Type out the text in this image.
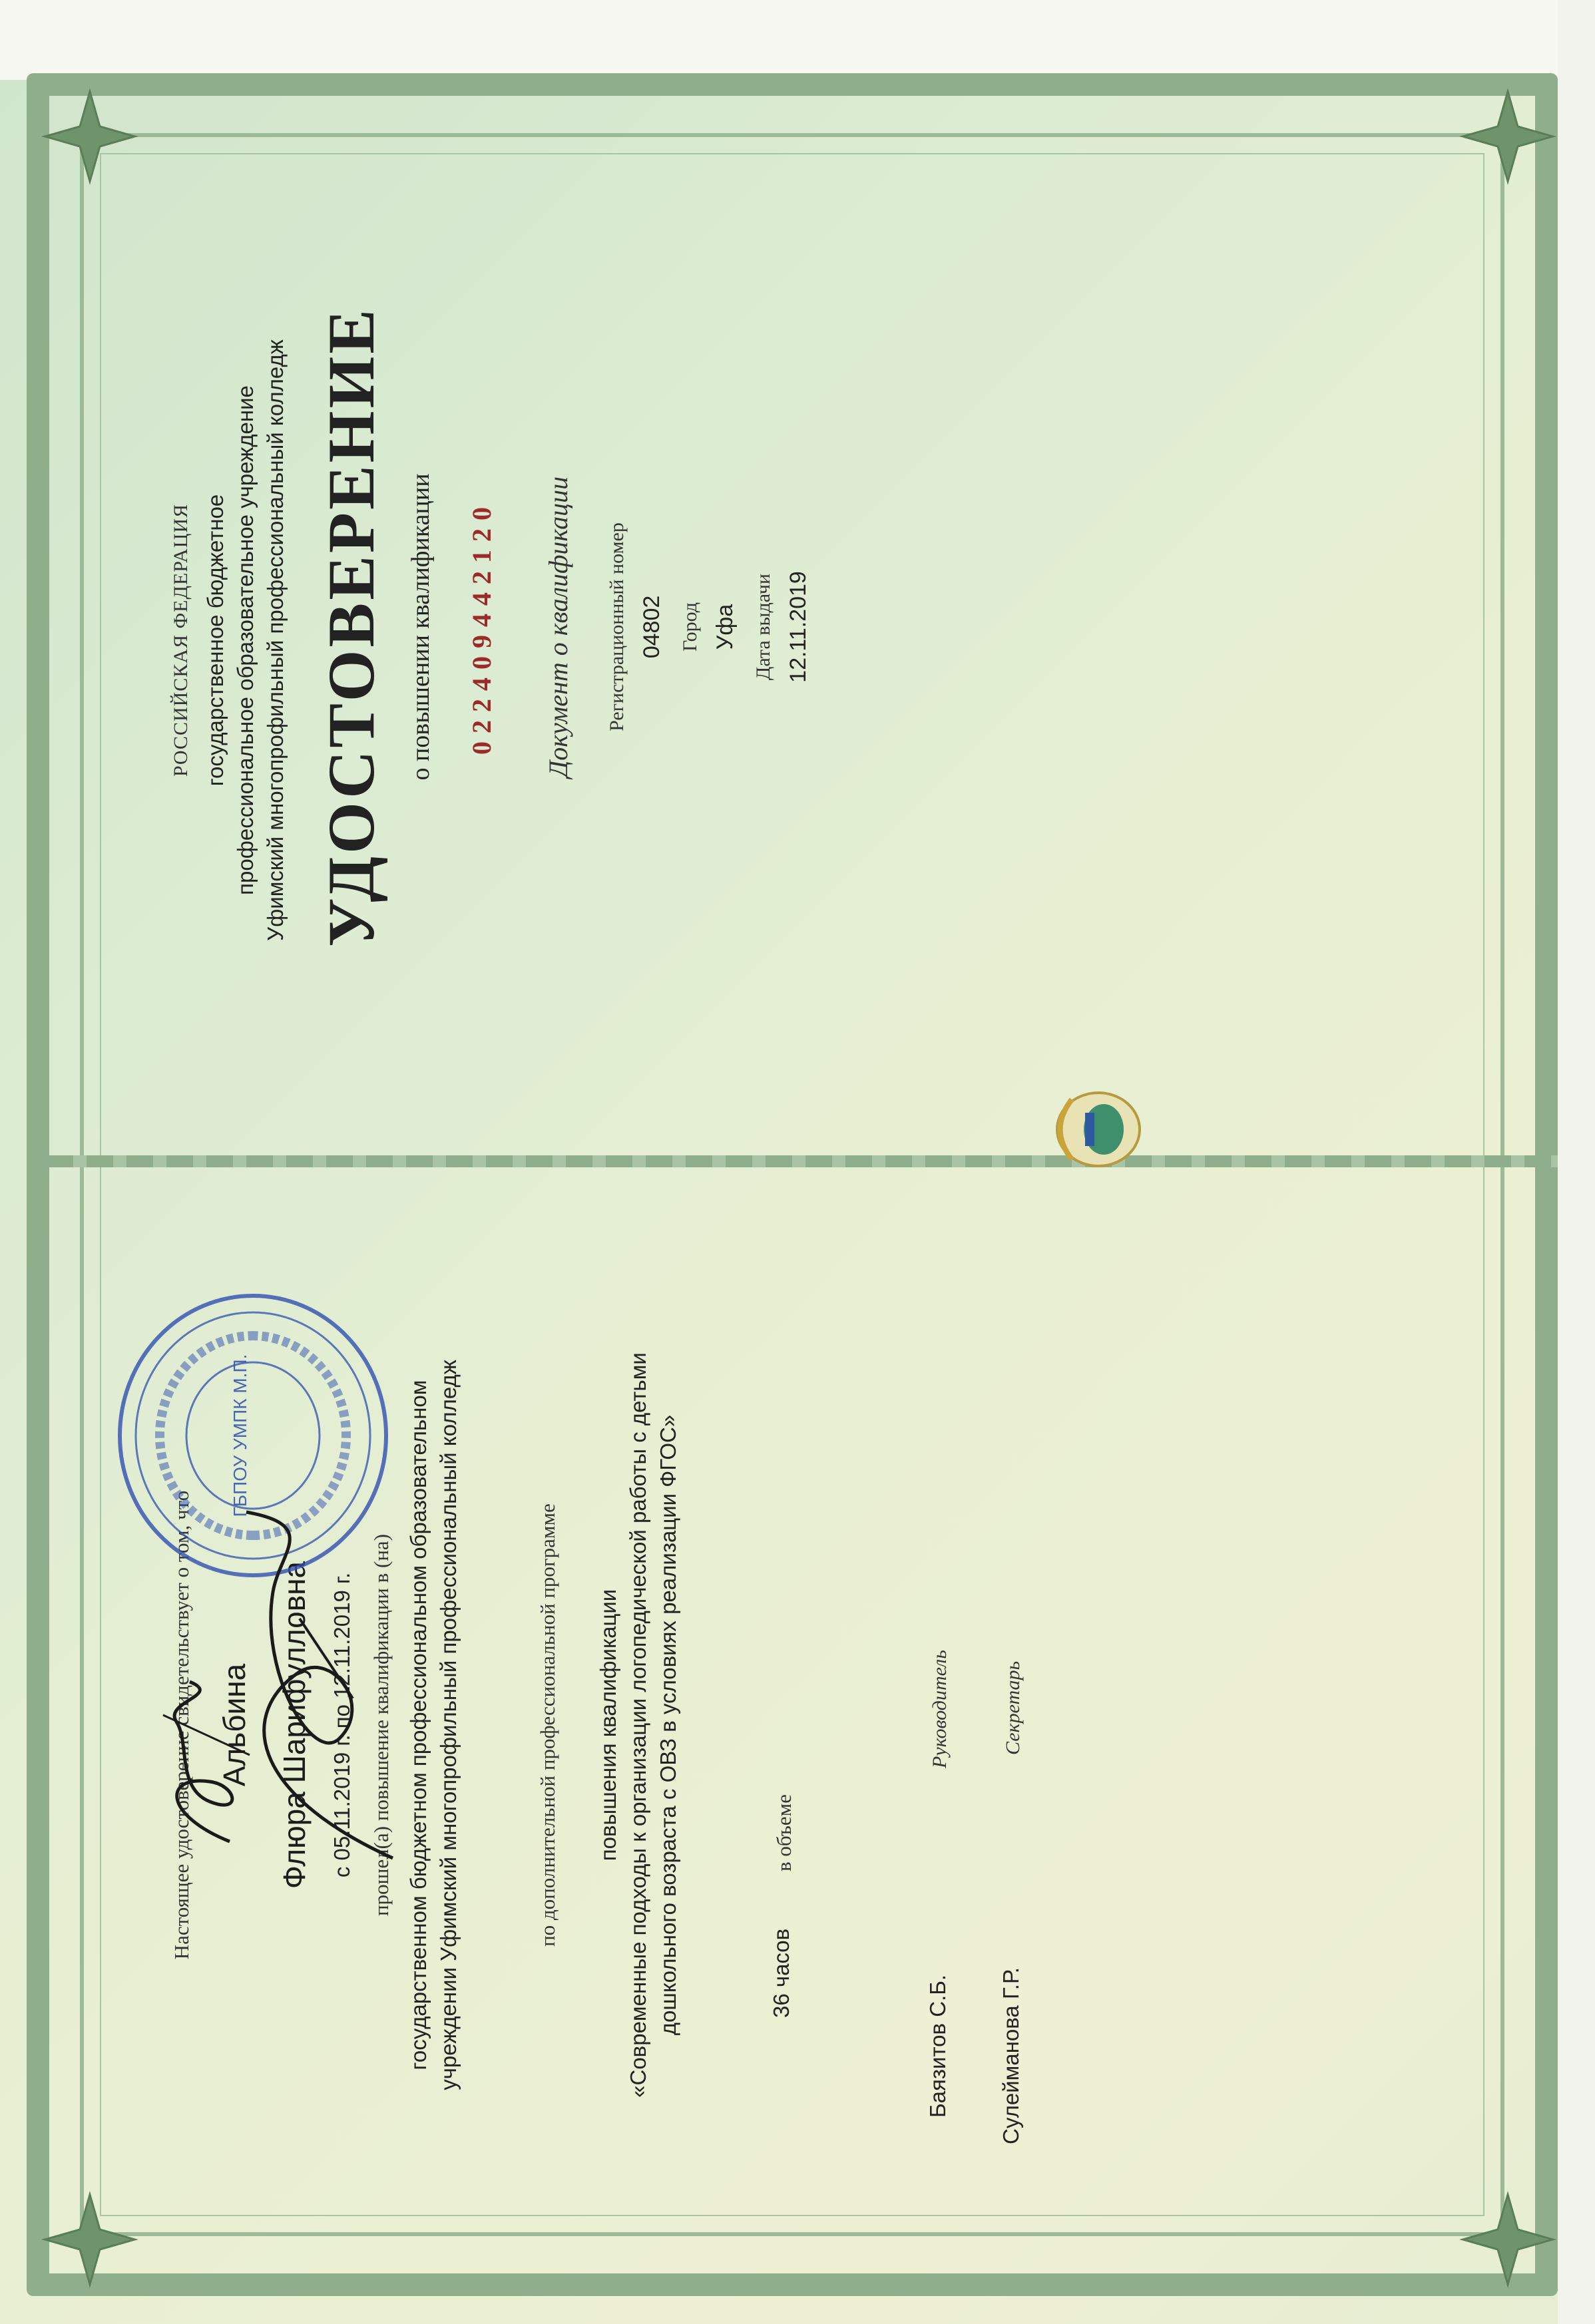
РОССИЙСКАЯ ФЕДЕРАЦИЯ государственное бюджетное профессиональное образовательное учреждение Уфимский многопрофильный профессиональный колледж УДОСТОВЕРЕНИЕ о повышении квалификации 022409442120 Документ о квалификации Регистрационный номер 04802 Город Уфа Дата выдачи 12.11.2019
Настоящее удостоверение свидетельствует о том, что Альбина Флюра Шарифулловна с 05.11.2019 г. по 12.11.2019 г. прошел(а) повышение квалификации в (на) государственном бюджетном профессиональном образовательном учреждении Уфимский многопрофильный профессиональный колледж	по дополнительной профессиональной программе повышения квалификации «Современные подходы к организации логопедической работы с детьми дошкольного возраста с ОВЗ в условиях реализации ФГОС»	в объеме
36 часов
Руководитель
Баязитов С.Б.
Секретарь
Сулейманова Г.Р.
ГБПОУ УМПК М.П.
